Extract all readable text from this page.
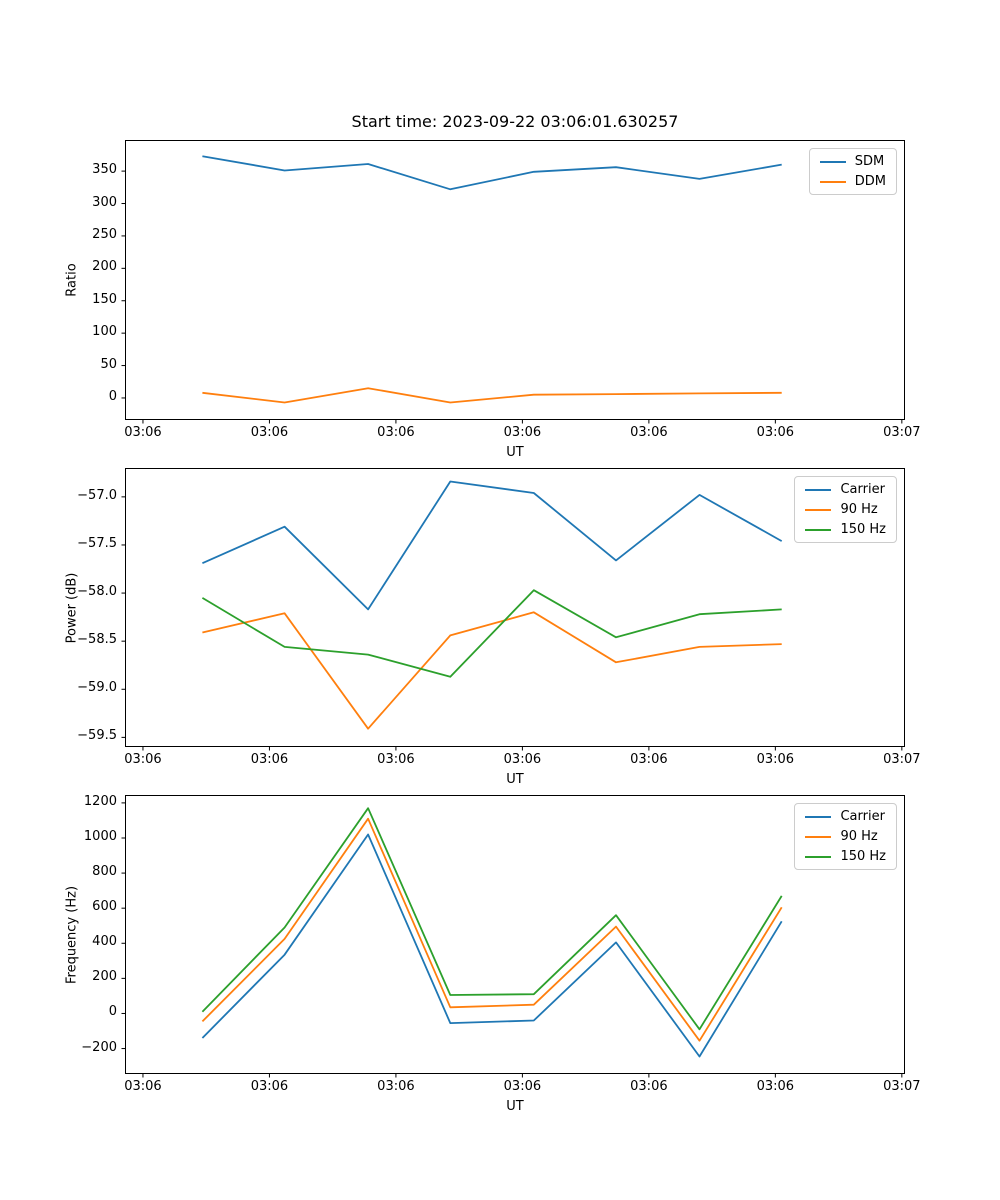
Start time: 2023-09-22 03:06:01.630257
03:06	03:06	03:06	03:06	03:06	03:06	03:07
0
50
100
150
200
250
300
350
UT
Ratio
SDM
DDM
03:06	03:06	03:06	03:06	03:06	03:06	03:07
−59.5
−59.0
−58.5
−58.0
−57.5
−57.0
UT
Power (dB)
Carrier
90 Hz
150 Hz
03:06	03:06	03:06	03:06	03:06	03:06	03:07
−200
0
200
400
600
800
1000
1200
UT
Frequency (Hz)
Carrier
90 Hz
150 Hz
